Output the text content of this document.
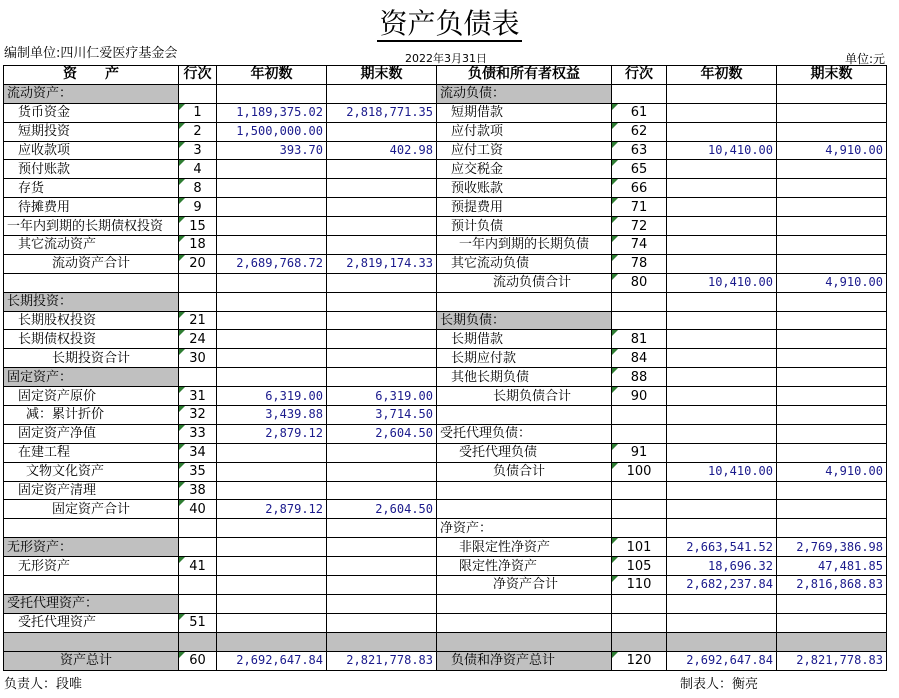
资产负债表
编制单位:四川仁爱医疗基金会	2022年3月31日	单位:元
资　　产	行次	年初数	期末数	负债和所有者权益	行次	年初数	期末数
流动资产：				流动负债：			
货币资金	1	1,189,375.02	2,818,771.35	短期借款	61		
短期投资	2	1,500,000.00		应付款项	62		
应收款项	3	393.70	402.98	应付工资	63	10,410.00	4,910.00
预付账款	4			应交税金	65		
存货	8			预收账款	66		
待摊费用	9			预提费用	71		
一年内到期的长期债权投资	15			预计负债	72		
其它流动资产	18			一年内到期的长期负债	74		
流动资产合计	20	2,689,768.72	2,819,174.33	其它流动负债	78		
				流动负债合计	80	10,410.00	4,910.00
长期投资：							
长期股权投资	21			长期负债：			
长期债权投资	24			长期借款	81		
长期投资合计	30			长期应付款	84		
固定资产：				其他长期负债	88		
固定资产原价	31	6,319.00	6,319.00	长期负债合计	90		
减：累计折价	32	3,439.88	3,714.50				
固定资产净值	33	2,879.12	2,604.50	受托代理负债：			
在建工程	34			受托代理负债	91		
文物文化资产	35			负债合计	100	10,410.00	4,910.00
固定资产清理	38						
固定资产合计	40	2,879.12	2,604.50				
				净资产：			
无形资产：				非限定性净资产	101	2,663,541.52	2,769,386.98
无形资产	41			限定性净资产	105	18,696.32	47,481.85
				净资产合计	110	2,682,237.84	2,816,868.83
受托代理资产：							
受托代理资产	51						

资产总计	60	2,692,647.84	2,821,778.83	负债和净资产总计	120	2,692,647.84	2,821,778.83
负责人：段唯	制表人：衡亮
